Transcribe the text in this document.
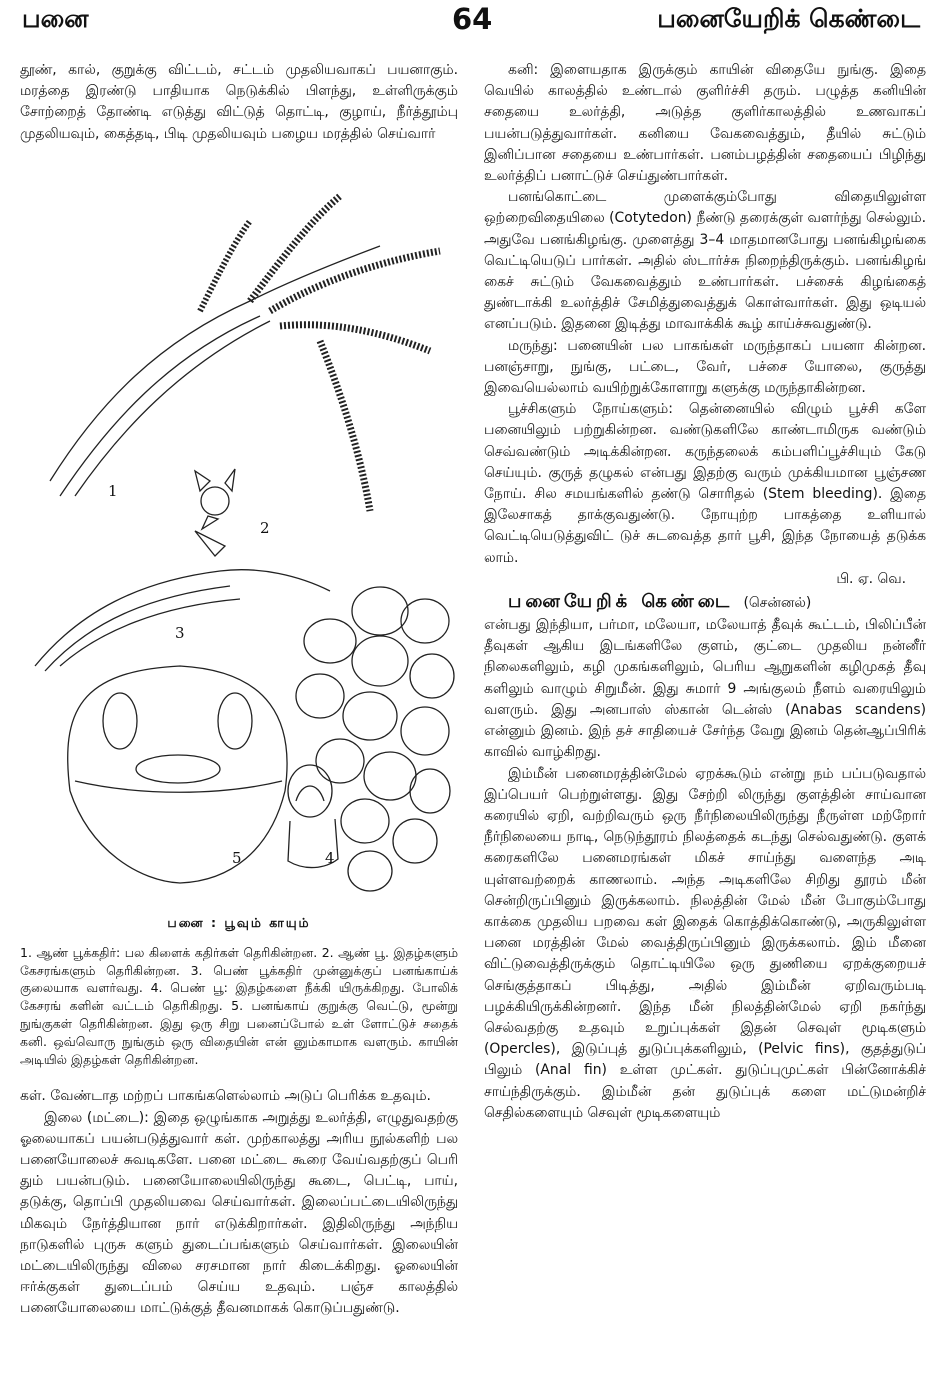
பனை	64	பனையேறிக் கெண்டை

தூண், கால், குறுக்கு விட்டம், சட்டம் முதலியவாகப் பயனாகும். மரத்தை இரண்டு பாதியாக நெடுக்கில் பிளந்து, உள்ளிருக்கும் சோற்றைத் தோண்டி எடுத்து விட்டுத் தொட்டி, குழாய், நீர்த்தூம்பு முதலியவும், கைத்தடி, பிடி முதலியவும் பழைய மரத்தில் செய்வார்

1
2
3
4
5
பனை : பூவும் காயும்

1. ஆண் பூக்கதிர்: பல கிளைக் கதிர்கள் தெரிகின்றன. 2. ஆண் பூ. இதழ்களும் கேசரங்களும் தெரிகின்றன. 3. பெண் பூக்கதிர் முன்னுக்குப் பனங்காய்க் குலையாக வளர்வது. 4. பெண் பூ: இதழ்களை நீக்கி யிருக்கிறது. போலிக் கேசரங் களின் வட்டம் தெரிகிறது. 5. பனங்காய் குறுக்கு வெட்டு, மூன்று நுங்குகள் தெரிகின்றன. இது ஒரு சிறு பனைப்போல் உள் ளோட்டுச் சதைக் கனி. ஒவ்வொரு நுங்கும் ஒரு விதையின் என் னும்காமாக வளரும். காயின் அடியில் இதழ்கள் தெரிகின்றன.

கள். வேண்டாத மற்றப் பாகங்களெல்லாம் அடுப் பெரிக்க உதவும்.

இலை (மட்டை): இதை ஒழுங்காக அறுத்து உலர்த்தி, எழுதுவதற்கு ஓலையாகப் பயன்படுத்துவார் கள். முற்காலத்து அரிய நூல்களிற் பல பனையோலைச் சுவடிகளே. பனை மட்டை கூரை வேய்வதற்குப் பெரி தும் பயன்படும். பனையோலையிலிருந்து கூடை, பெட்டி, பாய், தடுக்கு, தொப்பி முதலியவை செய்வார்கள். இலைப்பட்டையிலிருந்து மிகவும் நேர்த்தியான நார் எடுக்கிறார்கள். இதிலிருந்து அந்நிய நாடுகளில் புருசு களும் துடைப்பங்களும் செய்வார்கள். இலையின் மட்டையிலிருந்து விலை சரசமான நார் கிடைக்கிறது. ஓலையின் ஈர்க்குகள் துடைப்பம் செய்ய உதவும். பஞ்ச காலத்தில் பனையோலையை மாட்டுக்குத் தீவனமாகக் கொடுப்பதுண்டு.

கனி: இளையதாக இருக்கும் காயின் விதையே நுங்கு. இதை வெயில் காலத்தில் உண்டால் குளிர்ச்சி தரும். பழுத்த கனியின் சதையை உலர்த்தி, அடுத்த குளிர்காலத்தில் உணவாகப் பயன்படுத்துவார்கள். கனியை வேகவைத்தும், தீயில் சுட்டும் இனிப்பான சதையை உண்பார்கள். பனம்பழத்தின் சதையைப் பிழிந்து உலர்த்திப் பனாட்டுச் செய்துண்பார்கள்.

பனங்கொட்டை முளைக்கும்போது விதையிலுள்ள ஒற்றைவிதையிலை (Cotytedon) நீண்டு தரைக்குள் வளர்ந்து செல்லும். அதுவே பனங்கிழங்கு. முளைத்து 3–4 மாதமானபோது பனங்கிழங்கை வெட்டியெடுப் பார்கள். அதில் ஸ்டார்ச்சு நிறைந்திருக்கும். பனங்கிழங் கைச் சுட்டும் வேகவைத்தும் உண்பார்கள். பச்சைக் கிழங்கைத் துண்டாக்கி உலர்த்திச் சேமித்துவைத்துக் கொள்வார்கள். இது ஒடியல் எனப்படும். இதனை இடித்து மாவாக்கிக் கூழ் காய்ச்சுவதுண்டு.

மருந்து: பனையின் பல பாகங்கள் மருந்தாகப் பயனா கின்றன. பனஞ்சாறு, நுங்கு, பட்டை, வேர், பச்சை யோலை, குருத்து இவையெல்லாம் வயிற்றுக்கோளாறு களுக்கு மருந்தாகின்றன.

பூச்சிகளும் நோய்களும்: தென்னையில் விழும் பூச்சி களே பனையிலும் பற்றுகின்றன. வண்டுகளிலே காண்டாமிருக வண்டும் செவ்வண்டும் அடிக்கின்றன. கருந்தலைக் கம்பளிப்பூச்சியும் கேடு செய்யும். குருத் தழுகல் என்பது இதற்கு வரும் முக்கியமான பூஞ்சண நோய். சில சமயங்களில் தண்டு சொரிதல் (Stem bleeding). இதை இலேசாகத் தாக்குவதுண்டு. நோயுற்ற பாகத்தை உளியால் வெட்டியெடுத்துவிட் டுச் சுடவைத்த தார் பூசி, இந்த நோயைத் தடுக்க லாம்.

பி. ஏ. வெ.

பனையேறிக் கெண்டை (சென்னல்)

என்பது இந்தியா, பர்மா, மலேயா, மலேயாத் தீவுக் கூட்டம், பிலிப்பீன் தீவுகள் ஆகிய இடங்களிலே குளம், குட்டை முதலிய நன்னீர் நிலைகளிலும், கழி முகங்களிலும், பெரிய ஆறுகளின் கழிமுகத் தீவு களிலும் வாழும் சிறுமீன். இது சுமார் 9 அங்குலம் நீளம் வரையிலும் வளரும். இது அனபாஸ் ஸ்கான் டென்ஸ் (Anabas scandens) என்னும் இனம். இந் தச் சாதியைச் சேர்ந்த வேறு இனம் தென்ஆப்பிரிக் காவில் வாழ்கிறது.

இம்மீன் பனைமரத்தின்மேல் ஏறக்கூடும் என்று நம் பப்படுவதால் இப்பெயர் பெற்றுள்ளது. இது சேற்றி லிருந்து குளத்தின் சாய்வான கரையில் ஏறி, வற்றிவரும் ஒரு நீர்நிலையிலிருந்து நீருள்ள மற்றோர் நீர்நிலையை நாடி, நெடுந்தூரம் நிலத்தைக் கடந்து செல்வதுண்டு. குளக் கரைகளிலே பனைமரங்கள் மிகச் சாய்ந்து வளைந்த அடி யுள்ளவற்றைக் காணலாம். அந்த அடிகளிலே சிறிது தூரம் மீன் சென்றிருப்பினும் இருக்கலாம். நிலத்தின் மேல் மீன் போகும்போது காக்கை முதலிய பறவை கள் இதைக் கொத்திக்கொண்டு, அருகிலுள்ள பனை மரத்தின் மேல் வைத்திருப்பினும் இருக்கலாம். இம் மீனை விட்டுவைத்திருக்கும் தொட்டியிலே ஒரு துணியை ஏறக்குறையச் செங்குத்தாகப் பிடித்து, அதில் இம்மீன் ஏறிவரும்படி பழக்கியிருக்கின்றனர். இந்த மீன் நிலத்தின்மேல் ஏறி நகர்ந்து செல்வதற்கு உதவும் உறுப்புக்கள் இதன் செவுள் மூடிகளும் (Opercles), இடுப்புத் துடுப்புக்களிலும், (Pelvic fins), குதத்துடுப் பிலும் (Anal fin) உள்ள முட்கள். துடுப்புமுட்கள் பின்னோக்கிச் சாய்ந்திருக்கும். இம்மீன் தன் துடுப்புக் களை மட்டுமன்றிச் செதில்களையும் செவுள் மூடிகளையும்
